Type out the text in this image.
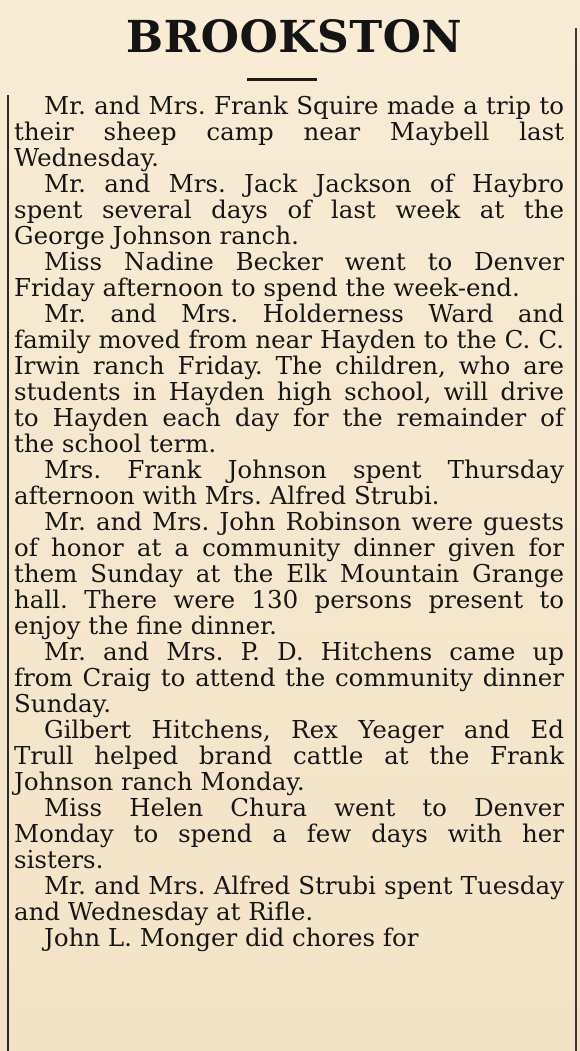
BROOKSTON

Mr. and Mrs. Frank Squire made a trip to their sheep camp near Maybell last Wednesday.

Mr. and Mrs. Jack Jackson of Haybro spent several days of last week at the George Johnson ranch.

Miss Nadine Becker went to Denver Friday afternoon to spend the week-end.

Mr. and Mrs. Holderness Ward and family moved from near Hayden to the C. C. Irwin ranch Friday. The children, who are students in Hayden high school, will drive to Hayden each day for the remainder of the school term.

Mrs. Frank Johnson spent Thursday afternoon with Mrs. Alfred Strubi.

Mr. and Mrs. John Robinson were guests of honor at a community dinner given for them Sunday at the Elk Mountain Grange hall. There were 130 persons present to enjoy the fine dinner.

Mr. and Mrs. P. D. Hitchens came up from Craig to attend the community dinner Sunday.

Gilbert Hitchens, Rex Yeager and Ed Trull helped brand cattle at the Frank Johnson ranch Monday.

Miss Helen Chura went to Denver Monday to spend a few days with her sisters.

Mr. and Mrs. Alfred Strubi spent Tuesday and Wednesday at Rifle.

John L. Monger did chores for
